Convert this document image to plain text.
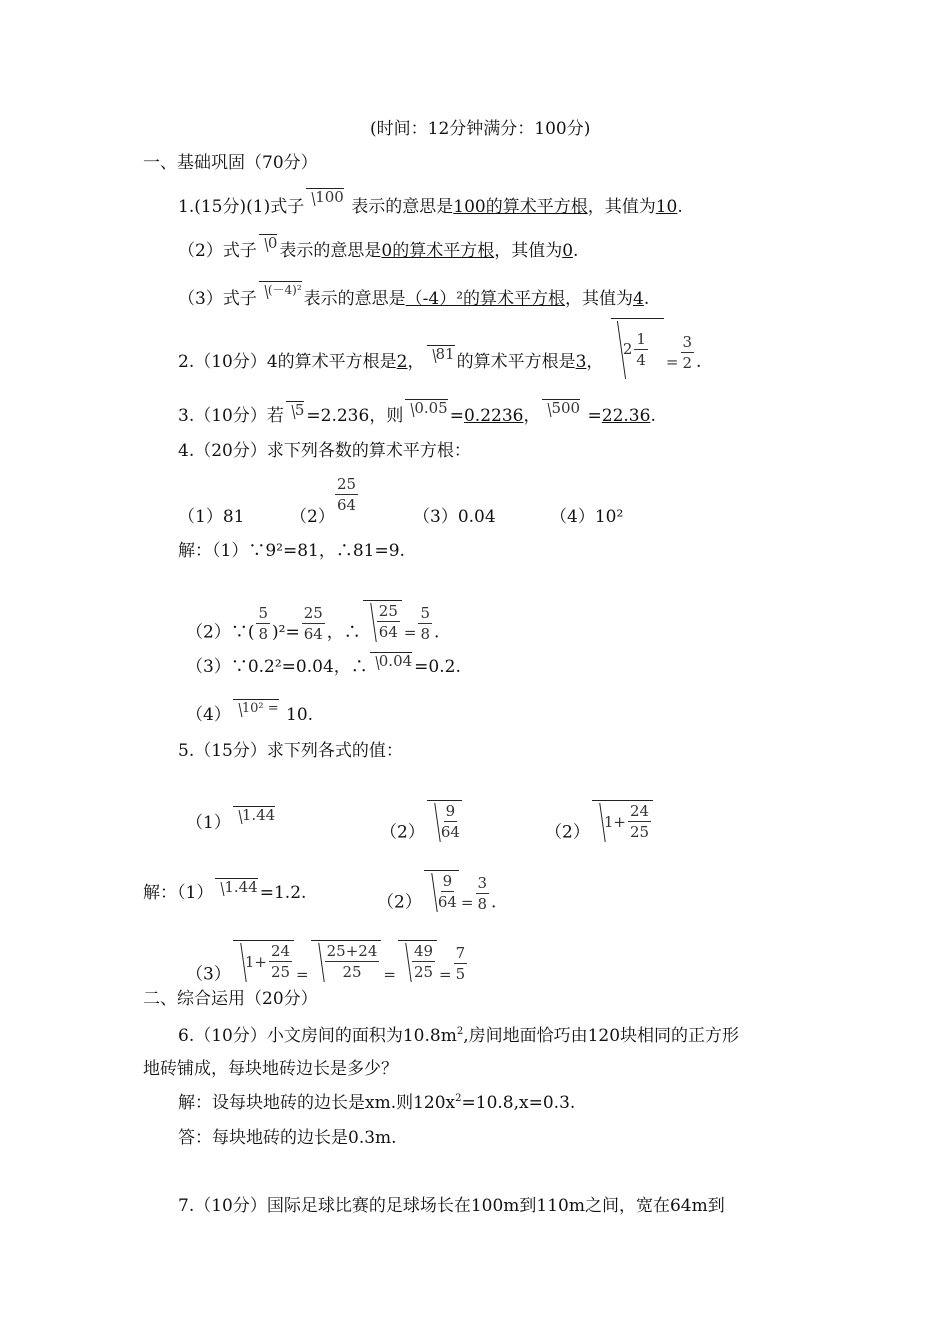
(时间：12分钟满分：100分)
一、基础巩固（70分）
1.(15分)(1)式子 100 表示的意思是100的算术平方根，其值为10.
（2）式子 0 表示的意思是0的算术平方根，其值为0.
（3）式子 (－4)² 表示的意思是（-4）²的算术平方根，其值为4.
2.（10分）4的算术平方根是2， 81 的算术平方根是3，
$2 \frac{1}{4} = \frac{3}{2}$ .
3.（10分）若 5 =2.236，则 0.05 =0.2236， 500 =22.36.
4.（20分）求下列各数的算术平方根：
（1）81	（2）
$\frac{25}{64}$
（3）0.04	（4）10²
解：（1）∵9²=81，∴81=9.
（2）∵( $\frac{5}{8} )^2= \frac{25}{64}$ ，∴ $\frac{25}{64} = \frac{5}{8}$ .
（3）∵0.2²=0.04，∴ 0.04 =0.2.
（4） 10² = 10.
5.（15分）求下列各式的值：
（1） 1.44
$(2) \frac{9}{64}$	（2）
$1+ \frac{24}{25}$
解：（1） 1.44 =1.2.	$(2) \frac{9}{64} = \frac{3}{8}$ .
（3）
$1+ \frac{24}{25} = \frac{25+24}{25} = \frac{49}{25} = \frac{7}{5}$
二、综合运用（20分）
6.（10分）小文房间的面积为$10.8m^2$,房间地面恰巧由120块相同的正方形
地砖铺成，每块地砖边长是多少？
解：设每块地砖的边长是xm.则$120x^2=10.8,x=0.3$.
答：每块地砖的边长是0.3m.
7.（10分）国际足球比赛的足球场长在100m到110m之间，宽在64m到
